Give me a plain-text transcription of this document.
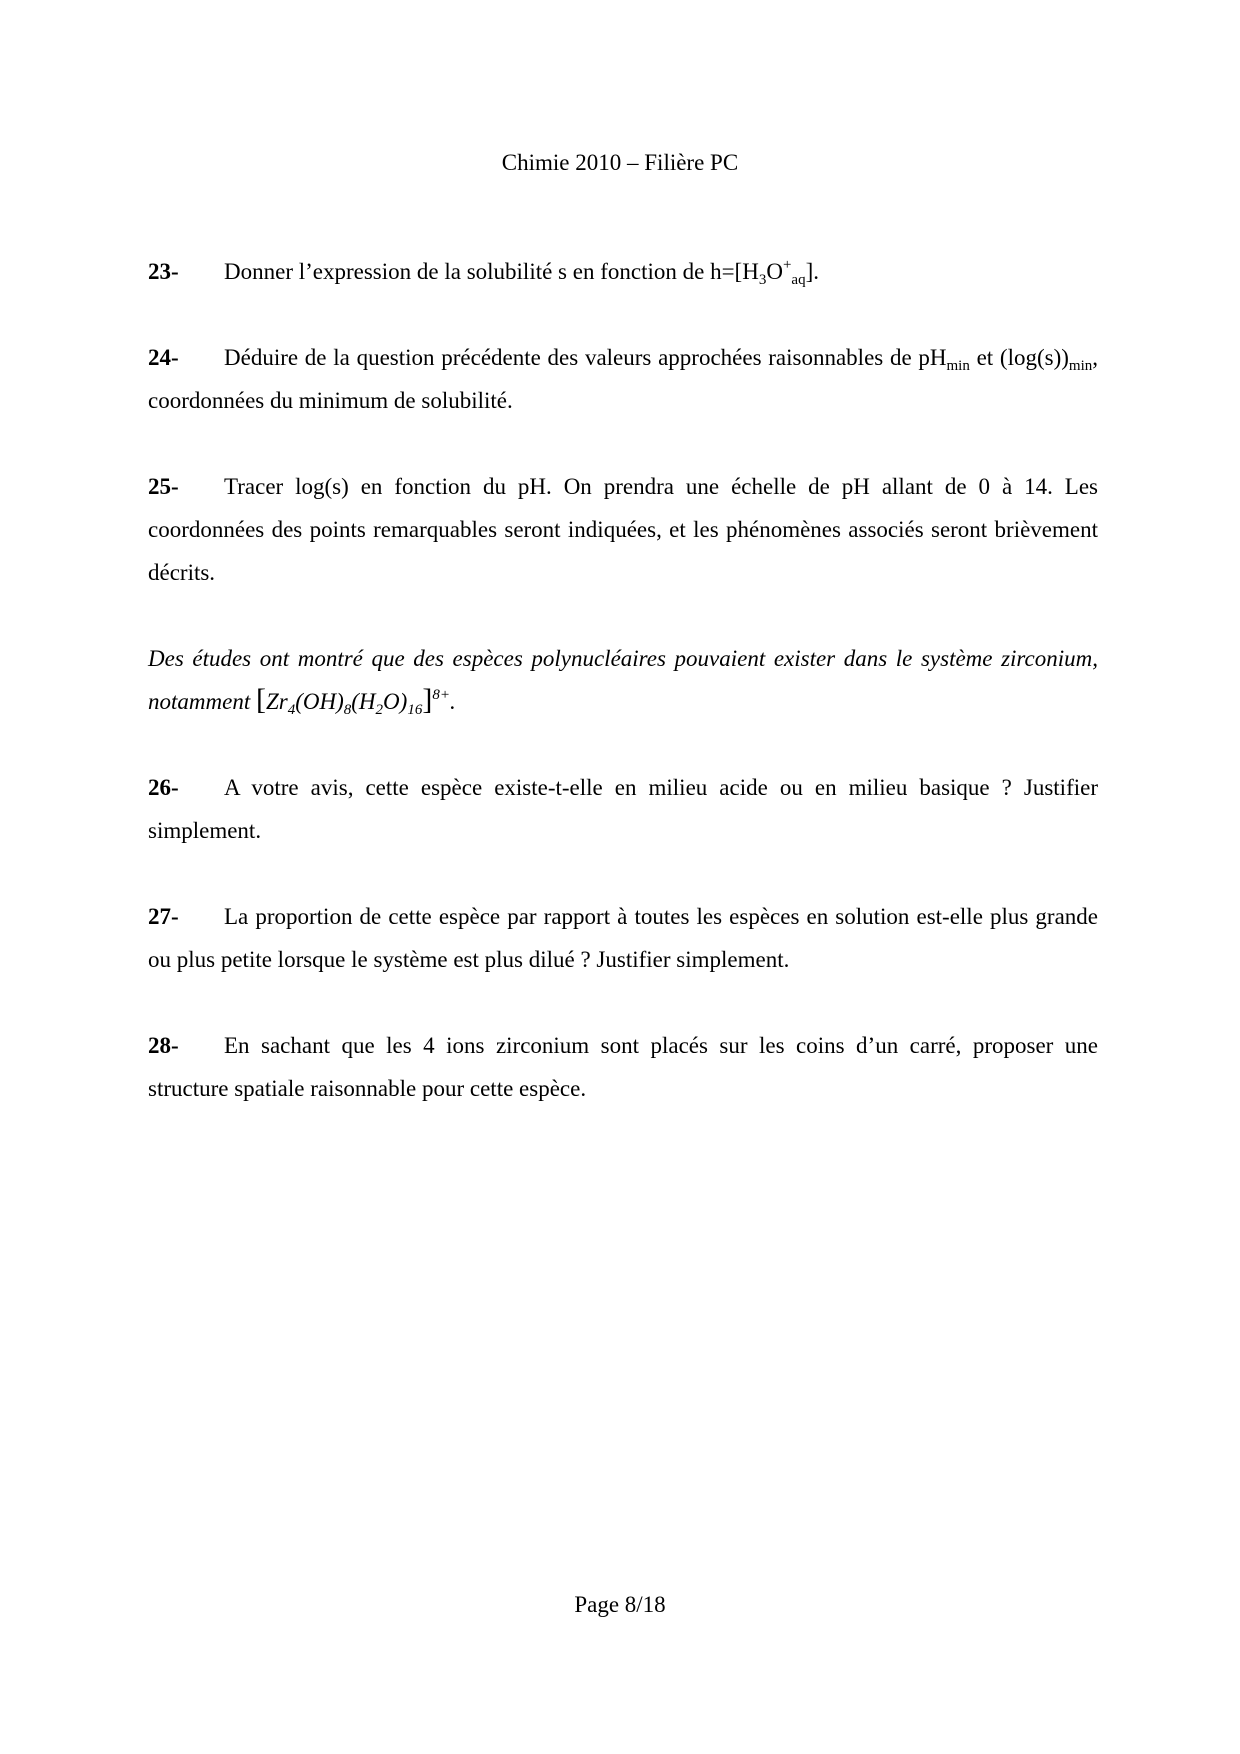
Chimie 2010 – Filière PC

23- Donner l’expression de la solubilité s en fonction de $h=[H_3O^+_{aq}]$.

24- Déduire de la question précédente des valeurs approchées raisonnables de $pH_{min}$ et $(\log(s))_{min}$, coordonnées du minimum de solubilité.

25- Tracer log(s) en fonction du pH. On prendra une échelle de pH allant de 0 à 14. Les coordonnées des points remarquables seront indiquées, et les phénomènes associés seront brièvement décrits.

Des études ont montré que des espèces polynucléaires pouvaient exister dans le système zirconium, notamment $[Zr_4(OH)_8(H_2O)_{16}]^{8+}$.

26- A votre avis, cette espèce existe-t-elle en milieu acide ou en milieu basique ? Justifier simplement.

27- La proportion de cette espèce par rapport à toutes les espèces en solution est-elle plus grande ou plus petite lorsque le système est plus dilué ? Justifier simplement.

28- En sachant que les 4 ions zirconium sont placés sur les coins d’un carré, proposer une structure spatiale raisonnable pour cette espèce.

Page 8/18
